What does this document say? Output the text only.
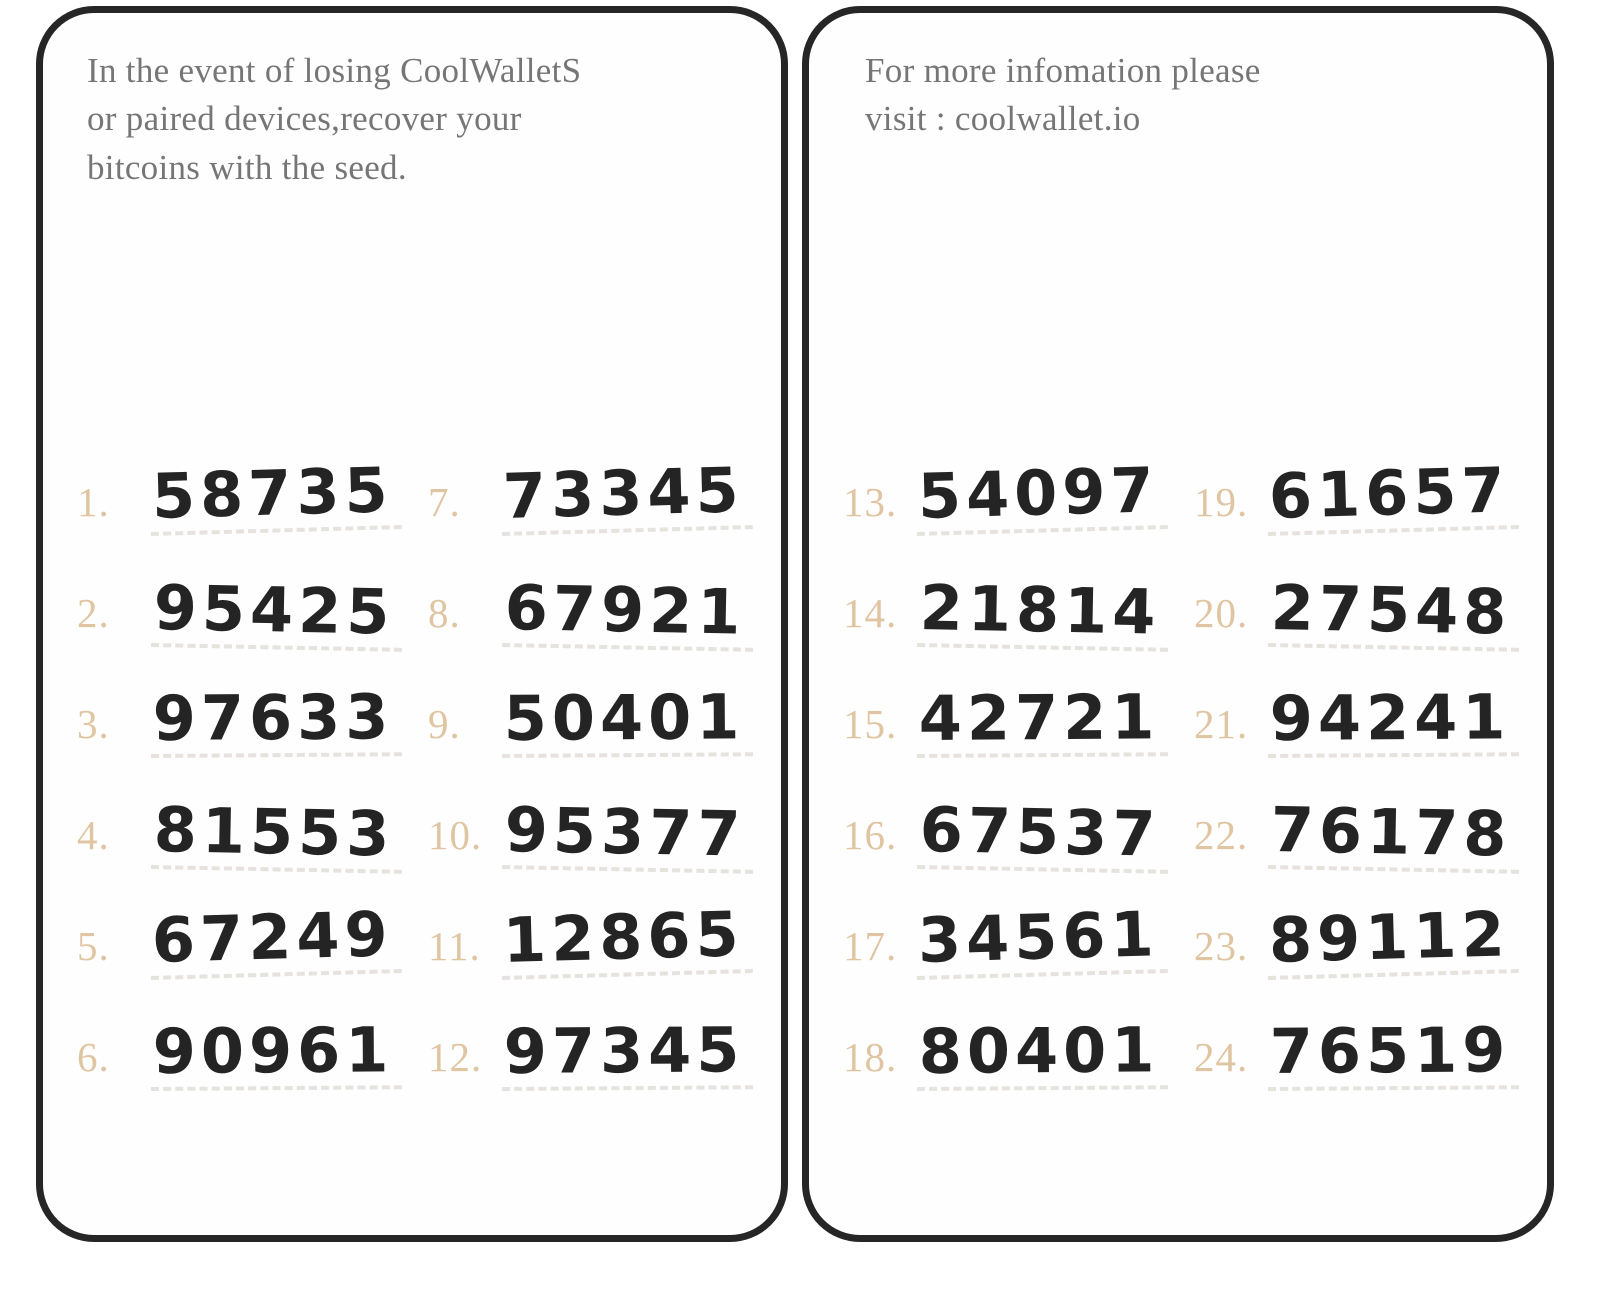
In the event of losing CoolWalletS
or paired devices,recover your
bitcoins with the seed.
1. 58735
2. 95425
3. 97633
4. 81553
5. 67249
6. 90961
7. 73345
8. 67921
9. 50401
10. 95377
11. 12865
12. 97345
For more infomation please
visit : coolwallet.io
13. 54097
14. 21814
15. 42721
16. 67537
17. 34561
18. 80401
19. 61657
20. 27548
21. 94241
22. 76178
23. 89112
24. 76519
